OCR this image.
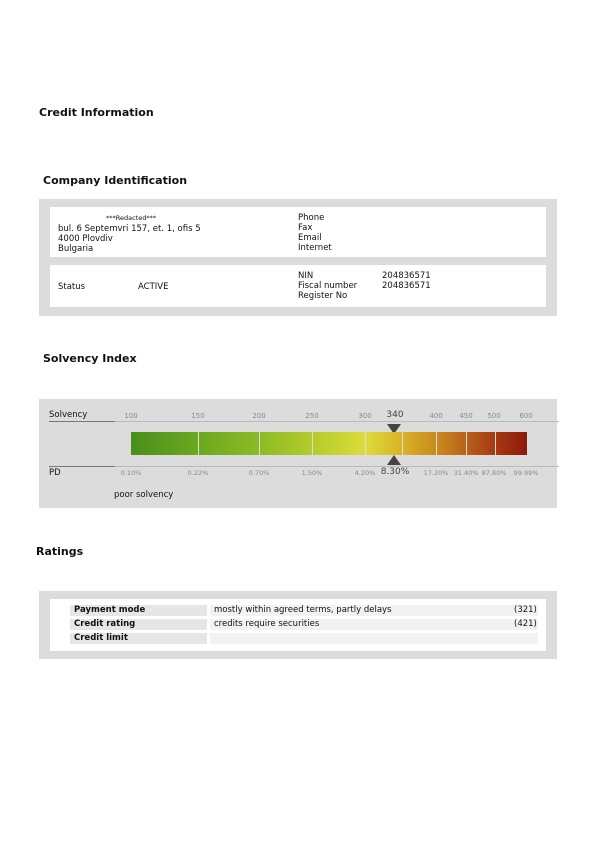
Credit Information
Company Identification
Solvency Index
Ratings
***Redacted***
bul. 6 Septemvri 157, et. 1, ofis 5
4000 Plovdiv
Bulgaria
Phone
Fax
Email
Internet
Status	ACTIVE
NIN	204836571
Fiscal number	204836571
Register No
Solvency	100	150	200	250	300 340	400 450 500	600
PD	0.10%	0.22%	0.70%	1.50%	4.20% 8.30% 17.20% 31.40% 87.80% 99.99%
poor solvency
Payment mode	mostly within agreed terms, partly delays	(321)
Credit rating	credits require securities	(421)
Credit limit
